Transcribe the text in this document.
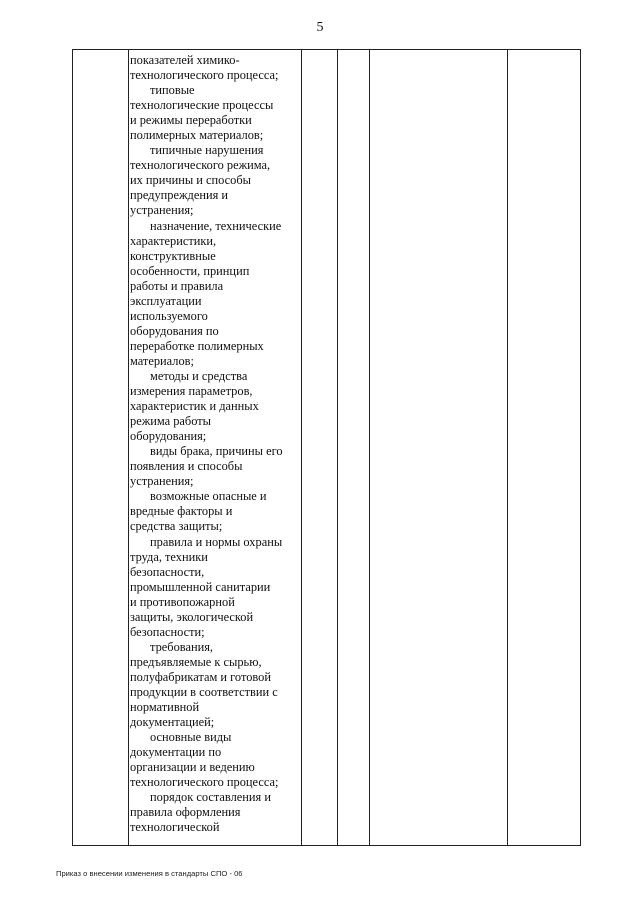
5
показателей химико-
технологического процесса;
типовые
технологические процессы
и режимы переработки
полимерных материалов;
типичные нарушения
технологического режима,
их причины и способы
предупреждения и
устранения;
назначение, технические
характеристики,
конструктивные
особенности, принцип
работы и правила
эксплуатации
используемого
оборудования по
переработке полимерных
материалов;
методы и средства
измерения параметров,
характеристик и данных
режима работы
оборудования;
виды брака, причины его
появления и способы
устранения;
возможные опасные и
вредные факторы и
средства защиты;
правила и нормы охраны
труда, техники
безопасности,
промышленной санитарии
и противопожарной
защиты, экологической
безопасности;
требования,
предъявляемые к сырью,
полуфабрикатам и готовой
продукции в соответствии с
нормативной
документацией;
основные виды
документации по
организации и ведению
технологического процесса;
порядок составления и
правила оформления
технологической
Приказ о внесении изменения в стандарты СПО - 06
